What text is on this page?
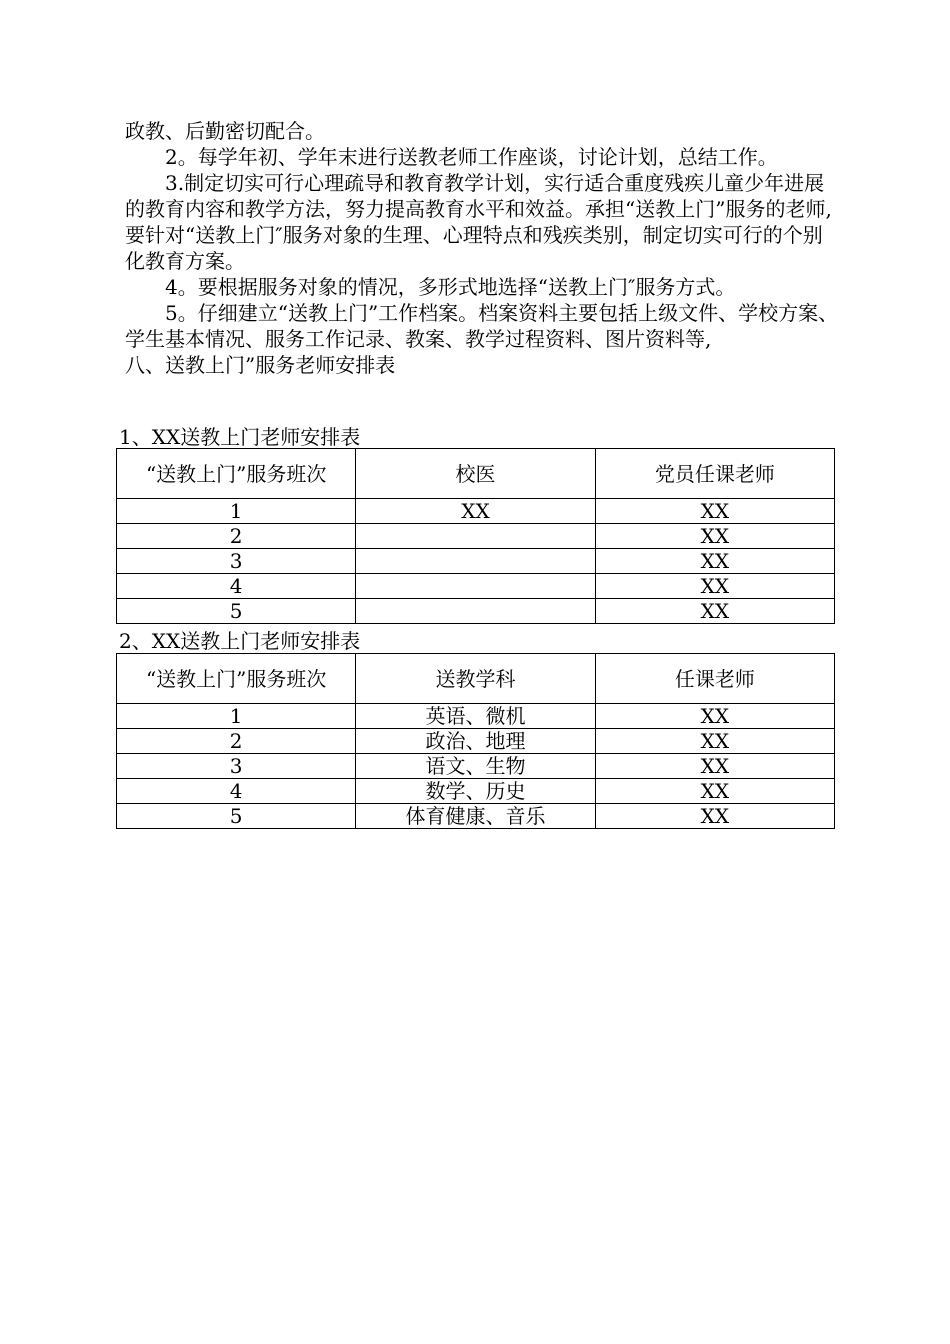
政教、后勤密切配合。

2。每学年初、学年末进行送教老师工作座谈，讨论计划，总结工作。

3.制定切实可行心理疏导和教育教学计划，实行适合重度残疾儿童少年进展的教育内容和教学方法，努力提高教育水平和效益。承担“送教上门”服务的老师,要针对“送教上门″服务对象的生理、心理特点和残疾类别，制定切实可行的个别化教育方案。

4。要根据服务对象的情况，多形式地选择“送教上门″服务方式。

5。仔细建立“送教上门”工作档案。档案资料主要包括上级文件、学校方案、学生基本情况、服务工作记录、教案、教学过程资料、图片资料等,

八、送教上门”服务老师安排表

1、XX送教上门老师安排表
“送教上门”服务班次	校医	党员任课老师
1	XX	XX
2		XX
3		XX
4		XX
5		XX
2、XX送教上门老师安排表
“送教上门”服务班次	送教学科	任课老师
1	英语、微机	XX
2	政治、地理	XX
3	语文、生物	XX
4	数学、历史	XX
5	体育健康、音乐	XX
